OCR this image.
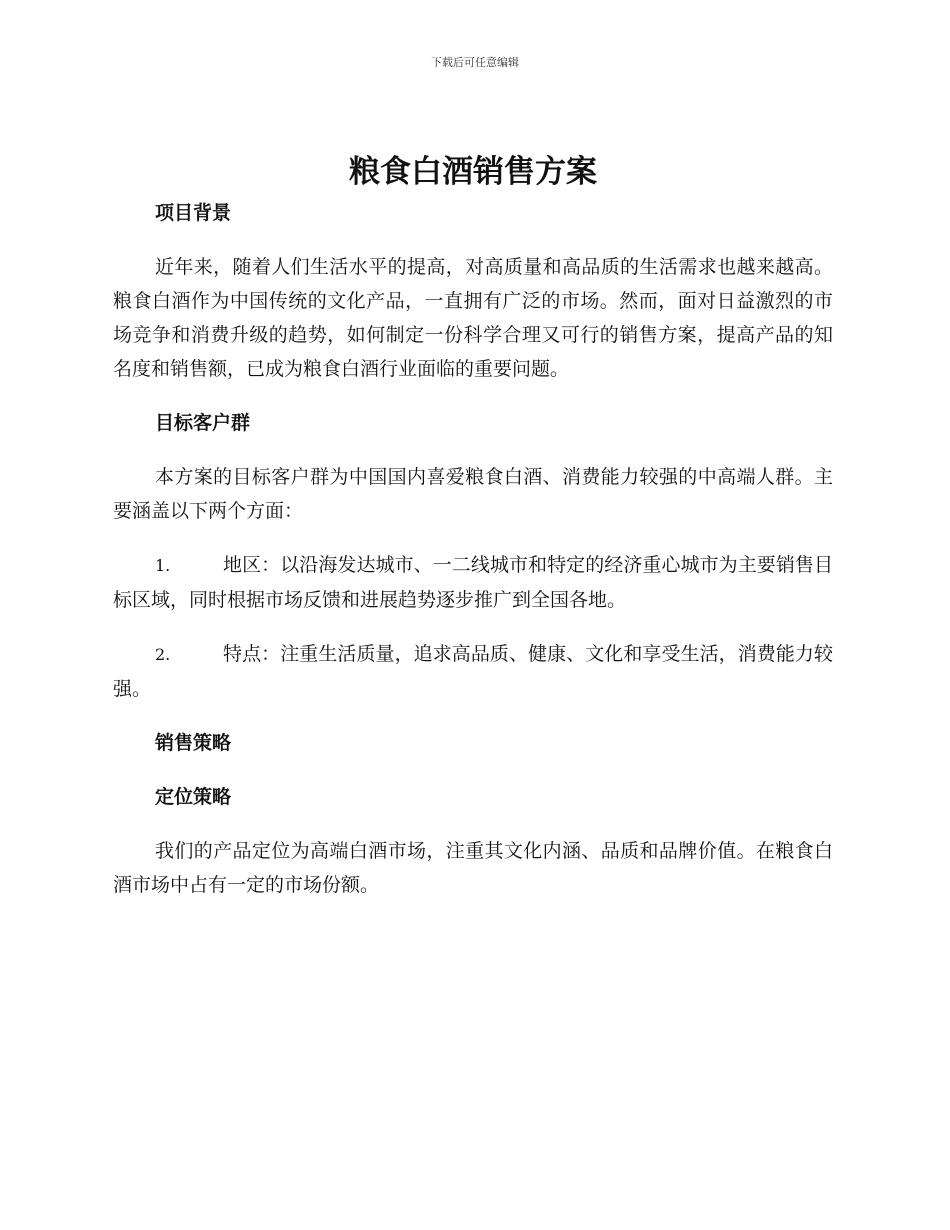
下载后可任意编辑
粮食白酒销售方案
项目背景

近年来，随着人们生活水平的提高，对高质量和高品质的生活需求也越来越高。粮食白酒作为中国传统的文化产品，一直拥有广泛的市场。然而，面对日益激烈的市场竞争和消费升级的趋势，如何制定一份科学合理又可行的销售方案，提高产品的知名度和销售额，已成为粮食白酒行业面临的重要问题。

目标客户群

本方案的目标客户群为中国国内喜爱粮食白酒、消费能力较强的中高端人群。主要涵盖以下两个方面：

1.	地区：以沿海发达城市、一二线城市和特定的经济重心城市为主要销售目标区域，同时根据市场反馈和进展趋势逐步推广到全国各地。

2.	特点：注重生活质量，追求高品质、健康、文化和享受生活，消费能力较强。

销售策略
定位策略

我们的产品定位为高端白酒市场，注重其文化内涵、品质和品牌价值。在粮食白酒市场中占有一定的市场份额。
